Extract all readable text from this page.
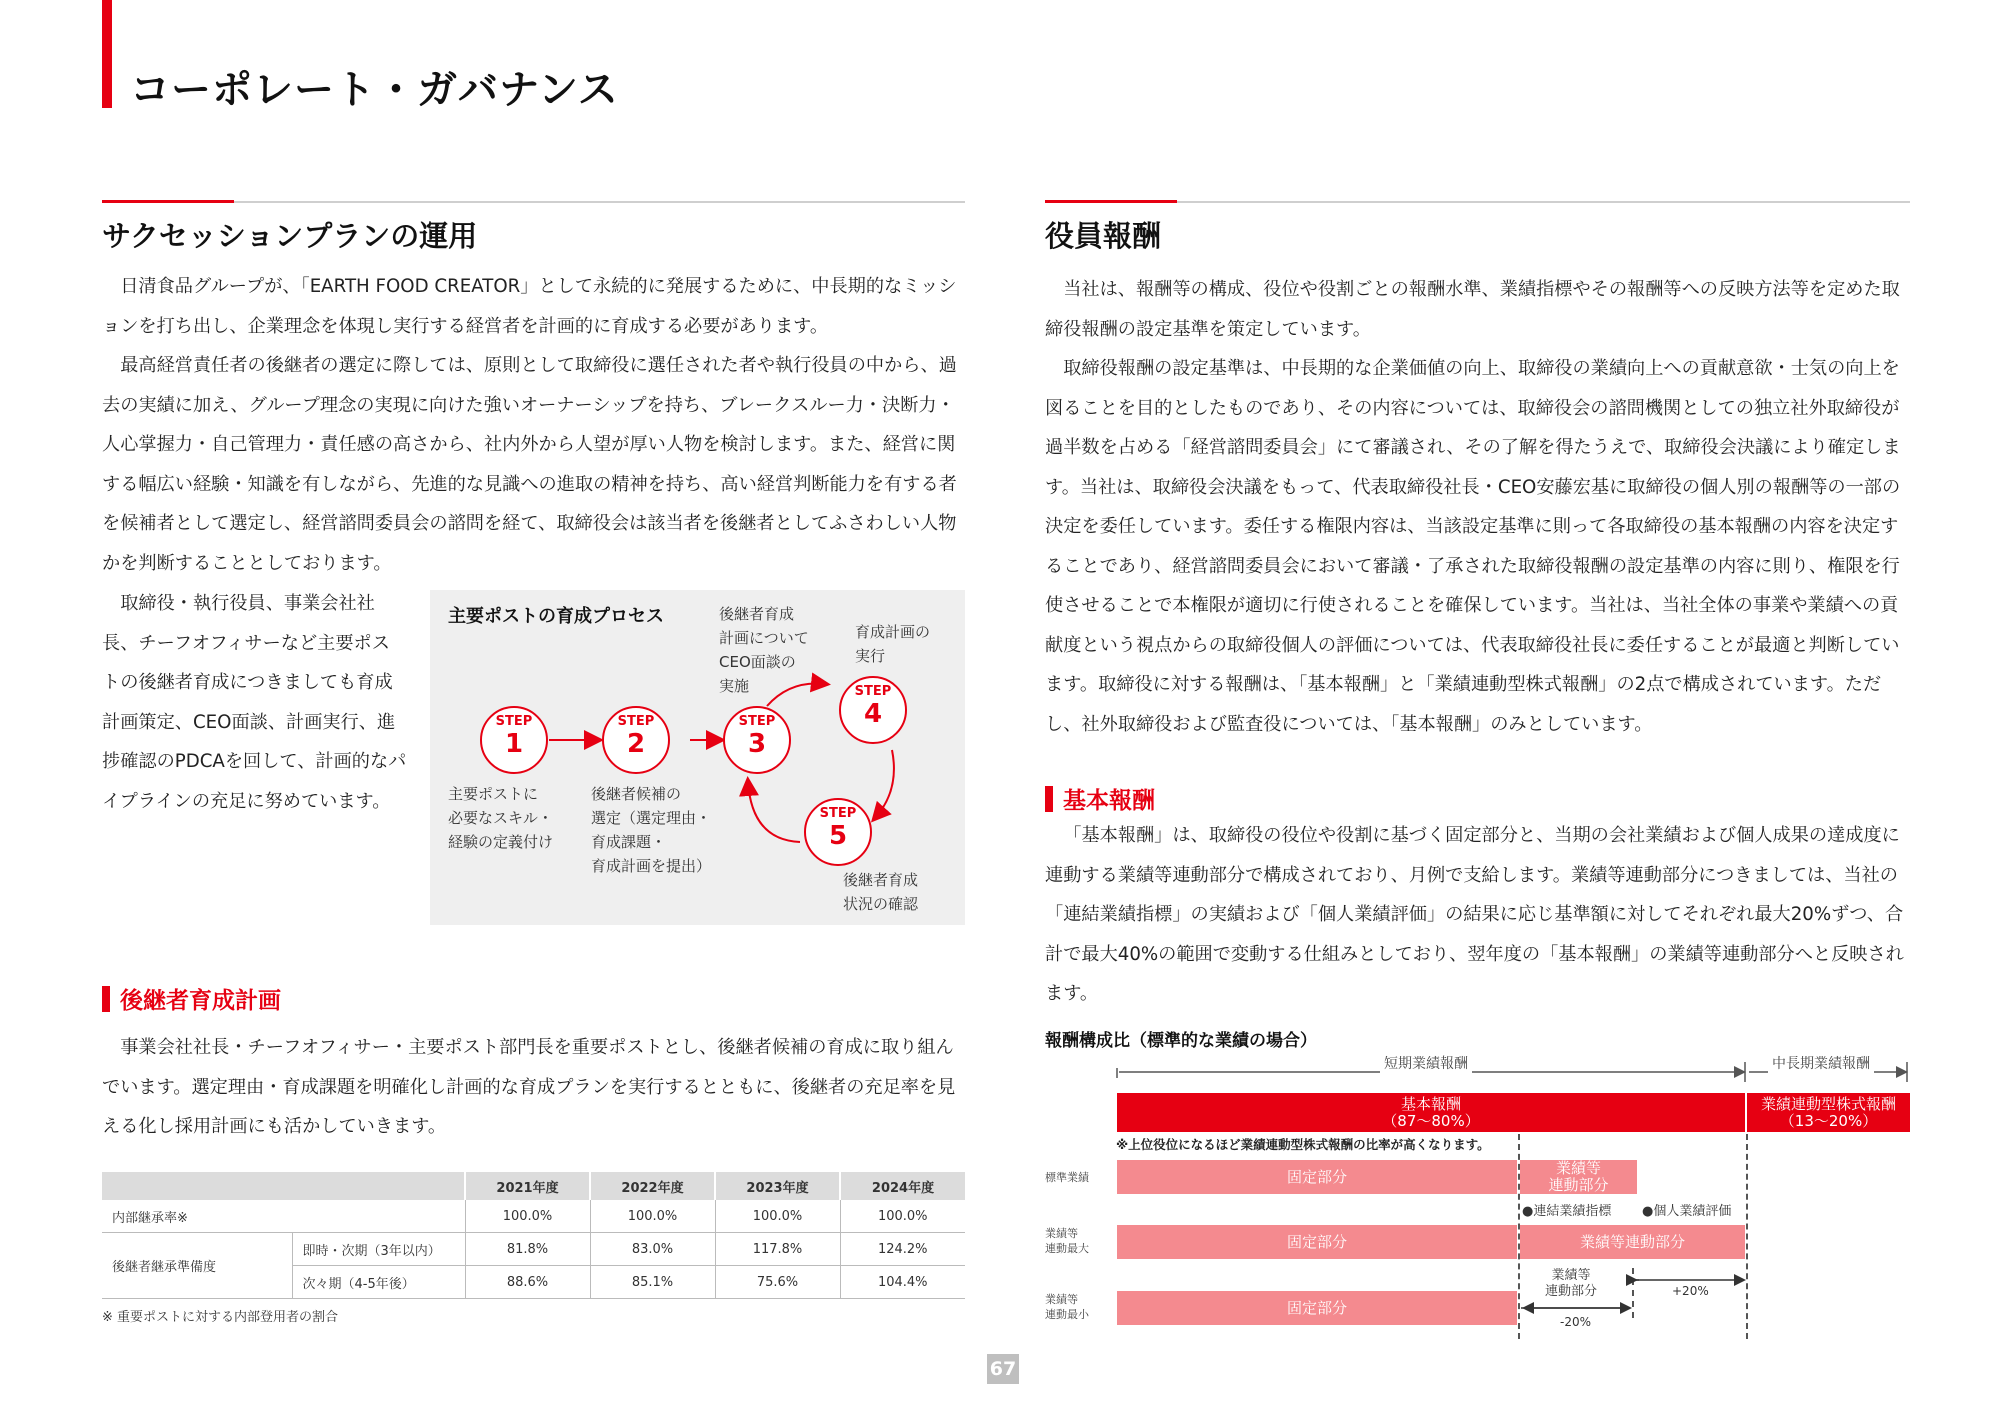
コーポレート・ガバナンス
サクセッションプランの運用

日清食品グループが、「EARTH FOOD CREATOR」として永続的に発展するために、中長期的なミッションを打ち出し、企業理念を体現し実行する経営者を計画的に育成する必要があります。

最高経営責任者の後継者の選定に際しては、原則として取締役に選任された者や執行役員の中から、過去の実績に加え、グループ理念の実現に向けた強いオーナーシップを持ち、ブレークスルー力・決断力・人心掌握力・自己管理力・責任感の高さから、社内外から人望が厚い人物を検討します。また、経営に関する幅広い経験・知識を有しながら、先進的な見識への進取の精神を持ち、高い経営判断能力を有する者を候補者として選定し、経営諮問委員会の諮問を経て、取締役会は該当者を後継者としてふさわしい人物かを判断することとしております。

取締役・執行役員、事業会社社長、チーフオフィサーなど主要ポストの後継者育成につきましても育成計画策定、CEO面談、計画実行、進捗確認のPDCAを回して、計画的なパイプラインの充足に努めています。

主要ポストの育成プロセス
STEP
1
STEP
2
STEP
3
STEP
4
STEP
5
主要ポストに
必要なスキル・
経験の定義付け
後継者候補の
選定（選定理由・
育成課題・
育成計画を提出）
後継者育成
計画について
CEO面談の
実施
育成計画の
実行
後継者育成
状況の確認
後継者育成計画

事業会社社長・チーフオフィサー・主要ポスト部門長を重要ポストとし、後継者候補の育成に取り組んでいます。選定理由・育成課題を明確化し計画的な育成プランを実行するとともに、後継者の充足率を見える化し採用計画にも活かしていきます。

		2021年度	2022年度	2023年度	2024年度
内部継承率※		100.0%	100.0%	100.0%	100.0%
後継者継承準備度	即時・次期（3年以内）	81.8%	83.0%	117.8%	124.2%
	次々期（4-5年後）	88.6%	85.1%	75.6%	104.4%
※ 重要ポストに対する内部登用者の割合
役員報酬

当社は、報酬等の構成、役位や役割ごとの報酬水準、業績指標やその報酬等への反映方法等を定めた取締役報酬の設定基準を策定しています。

取締役報酬の設定基準は、中長期的な企業価値の向上、取締役の業績向上への貢献意欲・士気の向上を図ることを目的としたものであり、その内容については、取締役会の諮問機関としての独立社外取締役が過半数を占める「経営諮問委員会」にて審議され、その了解を得たうえで、取締役会決議により確定します。当社は、取締役会決議をもって、代表取締役社長・CEO安藤宏基に取締役の個人別の報酬等の一部の決定を委任しています。委任する権限内容は、当該設定基準に則って各取締役の基本報酬の内容を決定することであり、経営諮問委員会において審議・了承された取締役報酬の設定基準の内容に則り、権限を行使させることで本権限が適切に行使されることを確保しています。当社は、当社全体の事業や業績への貢献度という視点からの取締役個人の評価については、代表取締役社長に委任することが最適と判断しています。取締役に対する報酬は、「基本報酬」と「業績連動型株式報酬」の2点で構成されています。ただし、社外取締役および監査役については、「基本報酬」のみとしています。

基本報酬

「基本報酬」は、取締役の役位や役割に基づく固定部分と、当期の会社業績および個人成果の達成度に連動する業績等連動部分で構成されており、月例で支給します。業績等連動部分につきましては、当社の「連結業績指標」の実績および「個人業績評価」の結果に応じ基準額に対してそれぞれ最大20%ずつ、合計で最大40%の範囲で変動する仕組みとしており、翌年度の「基本報酬」の業績等連動部分へと反映されます。

報酬構成比（標準的な業績の場合）
短期業績報酬	中長期業績報酬
基本報酬
（87〜80%）
業績連動型株式報酬
（13〜20%）
※上位役位になるほど業績連動型株式報酬の比率が高くなります。
標準業績	固定部分	業績等
連動部分
●連結業績指標 ●個人業績評価
業績等
連動最大	固定部分	業績等連動部分
業績等
連動最小	固定部分
業績等
連動部分	+20%
-20%
67
